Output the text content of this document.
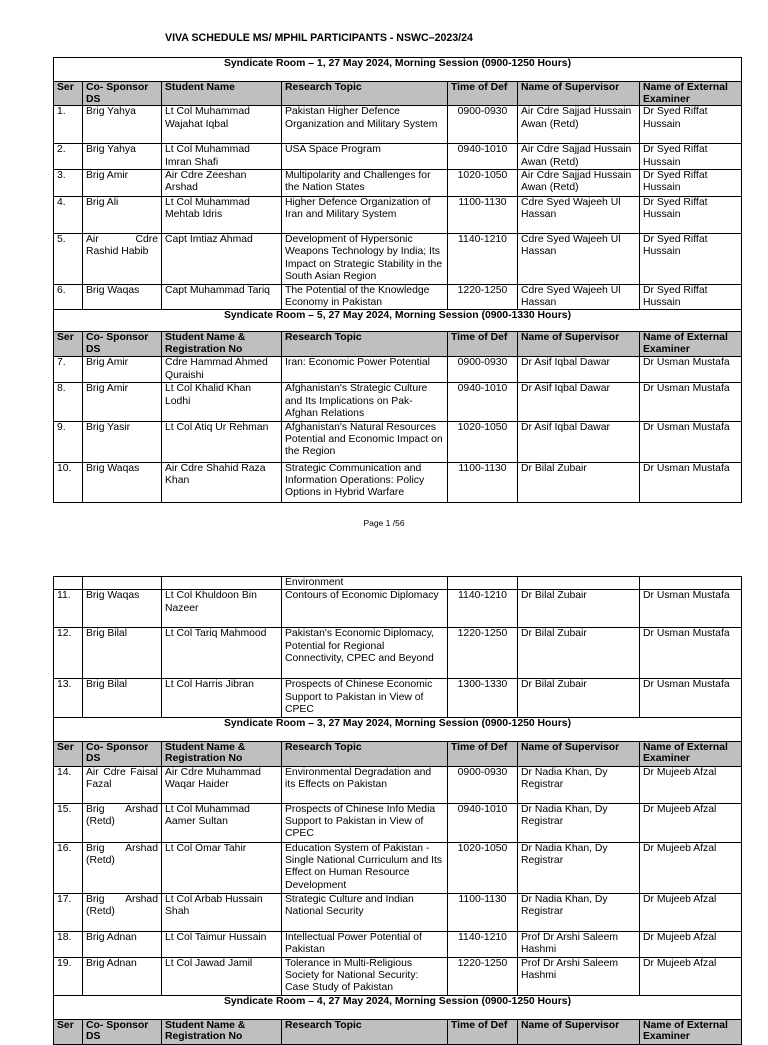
VIVA SCHEDULE MS/ MPHIL PARTICIPANTS - NSWC–2023/24
Syndicate Room – 1, 27 May 2024, Morning Session (0900-1250 Hours)						
Ser	Co- Sponsor DS	Student Name	Research Topic	Time of Def	Name of Supervisor	Name of External Examiner
1.	Brig Yahya	Lt Col Muhammad Wajahat Iqbal	Pakistan Higher Defence Organization and Military System	0900-0930	Air Cdre Sajjad Hussain Awan (Retd)	Dr Syed Riffat Hussain
2.	Brig Yahya	Lt Col Muhammad Imran Shafi	USA Space Program	0940-1010	Air Cdre Sajjad Hussain Awan (Retd)	Dr Syed Riffat Hussain
3.	Brig Amir	Air Cdre Zeeshan Arshad	Multipolarity and Challenges for the Nation States	1020-1050	Air Cdre Sajjad Hussain Awan (Retd)	Dr Syed Riffat Hussain
4.	Brig Ali	Lt Col Muhammad Mehtab Idris	Higher Defence Organization of Iran and Military System	1100-1130	Cdre Syed Wajeeh Ul Hassan	Dr Syed Riffat Hussain
5.	Air Cdre Rashid Habib	Capt Imtiaz Ahmad	Development of Hypersonic Weapons Technology by India; Its Impact on Strategic Stability in the South Asian Region	1140-1210	Cdre Syed Wajeeh Ul Hassan	Dr Syed Riffat Hussain
6.	Brig Waqas	Capt Muhammad Tariq	The Potential of the Knowledge Economy in Pakistan	1220-1250	Cdre Syed Wajeeh Ul Hassan	Dr Syed Riffat Hussain
Syndicate Room – 5, 27 May 2024, Morning Session (0900-1330 Hours)						
Ser	Co- Sponsor DS	Student Name & Registration No	Research Topic	Time of Def	Name of Supervisor	Name of External Examiner
7.	Brig Amir	Cdre Hammad Ahmed Quraishi	Iran: Economic Power Potential	0900-0930	Dr Asif Iqbal Dawar	Dr Usman Mustafa
8.	Brig Amir	Lt Col Khalid Khan Lodhi	Afghanistan's Strategic Culture and Its Implications on Pak-Afghan Relations	0940-1010	Dr Asif Iqbal Dawar	Dr Usman Mustafa
9.	Brig Yasir	Lt Col Atiq Ur Rehman	Afghanistan's Natural Resources Potential and Economic Impact on the Region	1020-1050	Dr Asif Iqbal Dawar	Dr Usman Mustafa
10.	Brig Waqas	Air Cdre Shahid Raza Khan	Strategic Communication and Information Operations: Policy Options in Hybrid Warfare	1100-1130	Dr Bilal Zubair	Dr Usman Mustafa
Page 1 /56
			Environment			
11.	Brig Waqas	Lt Col Khuldoon Bin Nazeer	Contours of Economic Diplomacy	1140-1210	Dr Bilal Zubair	Dr Usman Mustafa
12.	Brig Bilal	Lt Col Tariq Mahmood	Pakistan's Economic Diplomacy, Potential for Regional Connectivity, CPEC and Beyond	1220-1250	Dr Bilal Zubair	Dr Usman Mustafa
13.	Brig Bilal	Lt Col Harris Jibran	Prospects of Chinese Economic Support to Pakistan in View of CPEC	1300-1330	Dr Bilal Zubair	Dr Usman Mustafa
Syndicate Room – 3, 27 May 2024, Morning Session (0900-1250 Hours)						
Ser	Co- Sponsor DS	Student Name & Registration No	Research Topic	Time of Def	Name of Supervisor	Name of External Examiner
14.	Air Cdre Faisal Fazal	Air Cdre Muhammad Waqar Haider	Environmental Degradation and its Effects on Pakistan	0900-0930	Dr Nadia Khan, Dy Registrar	Dr Mujeeb Afzal
15.	Brig Arshad (Retd)	Lt Col Muhammad Aamer Sultan	Prospects of Chinese Info Media Support to Pakistan in View of CPEC	0940-1010	Dr Nadia Khan, Dy Registrar	Dr Mujeeb Afzal
16.	Brig Arshad (Retd)	Lt Col Omar Tahir	Education System of Pakistan - Single National Curriculum and Its Effect on Human Resource Development	1020-1050	Dr Nadia Khan, Dy Registrar	Dr Mujeeb Afzal
17.	Brig Arshad (Retd)	Lt Col Arbab Hussain Shah	Strategic Culture and Indian National Security	1100-1130	Dr Nadia Khan, Dy Registrar	Dr Mujeeb Afzal
18.	Brig Adnan	Lt Col Taimur Hussain	Intellectual Power Potential of Pakistan	1140-1210	Prof Dr Arshi Saleem Hashmi	Dr Mujeeb Afzal
19.	Brig Adnan	Lt Col Jawad Jamil	Tolerance in Multi-Religious Society for National Security: Case Study of Pakistan	1220-1250	Prof Dr Arshi Saleem Hashmi	Dr Mujeeb Afzal
Syndicate Room – 4, 27 May 2024, Morning Session (0900-1250 Hours)						
Ser	Co- Sponsor DS	Student Name & Registration No	Research Topic	Time of Def	Name of Supervisor	Name of External Examiner
